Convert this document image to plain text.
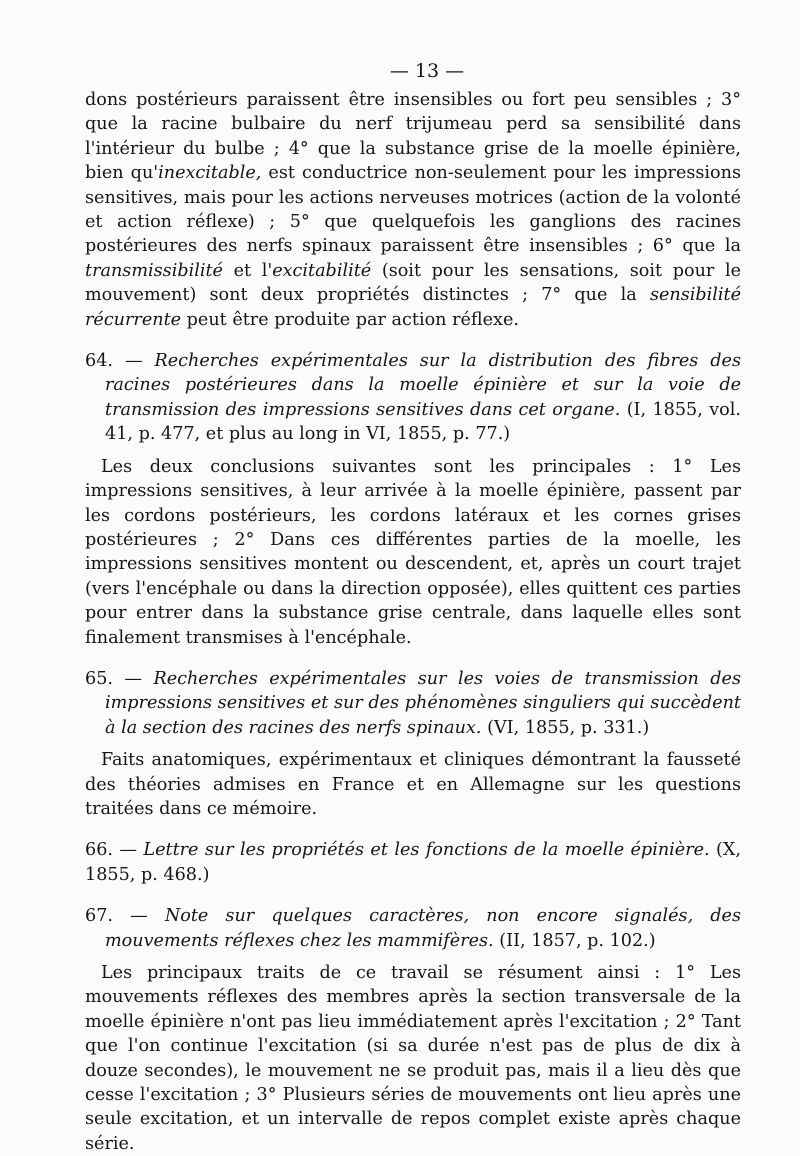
— 13 —

dons postérieurs paraissent être insensibles ou fort peu sensibles ; 3° que la racine bulbaire du nerf trijumeau perd sa sensibilité dans l'intérieur du bulbe ; 4° que la substance grise de la moelle épinière, bien qu'inexcitable, est conductrice non-seulement pour les impressions sensitives, mais pour les actions nerveuses motrices (action de la volonté et action réflexe) ; 5° que quelquefois les ganglions des racines postérieures des nerfs spinaux paraissent être insensibles ; 6° que la transmissibilité et l'excitabilité (soit pour les sensations, soit pour le mouvement) sont deux propriétés distinctes ; 7° que la sensibilité récurrente peut être produite par action réflexe.

64. — Recherches expérimentales sur la distribution des fibres des racines postérieures dans la moelle épinière et sur la voie de transmission des impressions sensitives dans cet organe. (I, 1855, vol. 41, p. 477, et plus au long in VI, 1855, p. 77.)

Les deux conclusions suivantes sont les principales : 1° Les impressions sensitives, à leur arrivée à la moelle épinière, passent par les cordons postérieurs, les cordons latéraux et les cornes grises postérieures ; 2° Dans ces différentes parties de la moelle, les impressions sensitives montent ou descendent, et, après un court trajet (vers l'encéphale ou dans la direction opposée), elles quittent ces parties pour entrer dans la substance grise centrale, dans laquelle elles sont finalement transmises à l'encéphale.

65. — Recherches expérimentales sur les voies de transmission des impressions sensitives et sur des phénomènes singuliers qui succèdent à la section des racines des nerfs spinaux. (VI, 1855, p. 331.)

Faits anatomiques, expérimentaux et cliniques démontrant la fausseté des théories admises en France et en Allemagne sur les questions traitées dans ce mémoire.

66. — Lettre sur les propriétés et les fonctions de la moelle épinière. (X, 1855, p. 468.)

67. — Note sur quelques caractères, non encore signalés, des mouvements réflexes chez les mammifères. (II, 1857, p. 102.)

Les principaux traits de ce travail se résument ainsi : 1° Les mouvements réflexes des membres après la section transversale de la moelle épinière n'ont pas lieu immédiatement après l'excitation ; 2° Tant que l'on continue l'excitation (si sa durée n'est pas de plus de dix à douze secondes), le mouvement ne se produit pas, mais il a lieu dès que cesse l'excitation ; 3° Plusieurs séries de mouvements ont lieu après une seule excitation, et un intervalle de repos complet existe après chaque série.
